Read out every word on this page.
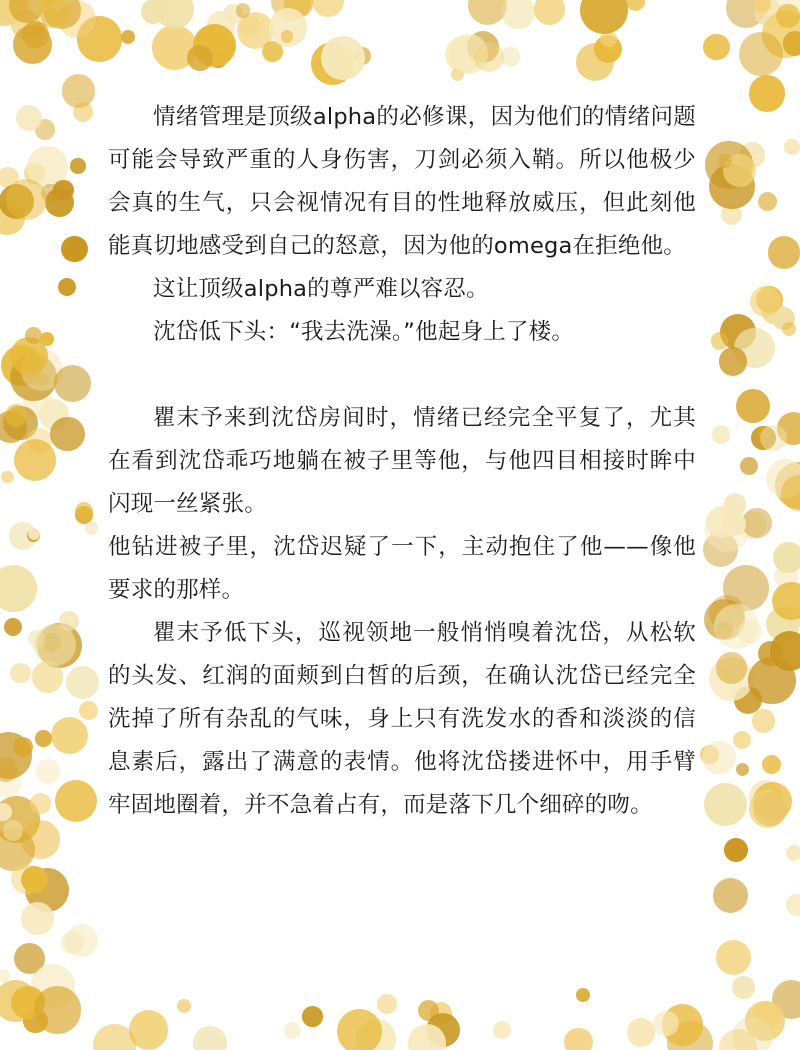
情绪管理是顶级alpha的必修课，因为他们的情绪问题可能会导致严重的人身伤害，刀剑必须入鞘。所以他极少会真的生气，只会视情况有目的性地释放威压，但此刻他能真切地感受到自己的怒意，因为他的omega在拒绝他。

这让顶级alpha的尊严难以容忍。

沈岱低下头：“我去洗澡。”他起身上了楼。

瞿末予来到沈岱房间时，情绪已经完全平复了，尤其在看到沈岱乖巧地躺在被子里等他，与他四目相接时眸中闪现一丝紧张。

他钻进被子里，沈岱迟疑了一下，主动抱住了他——像他要求的那样。

瞿末予低下头，巡视领地一般悄悄嗅着沈岱，从松软的头发、红润的面颊到白皙的后颈，在确认沈岱已经完全洗掉了所有杂乱的气味，身上只有洗发水的香和淡淡的信息素后，露出了满意的表情。他将沈岱搂进怀中，用手臂牢固地圈着，并不急着占有，而是落下几个细碎的吻。
